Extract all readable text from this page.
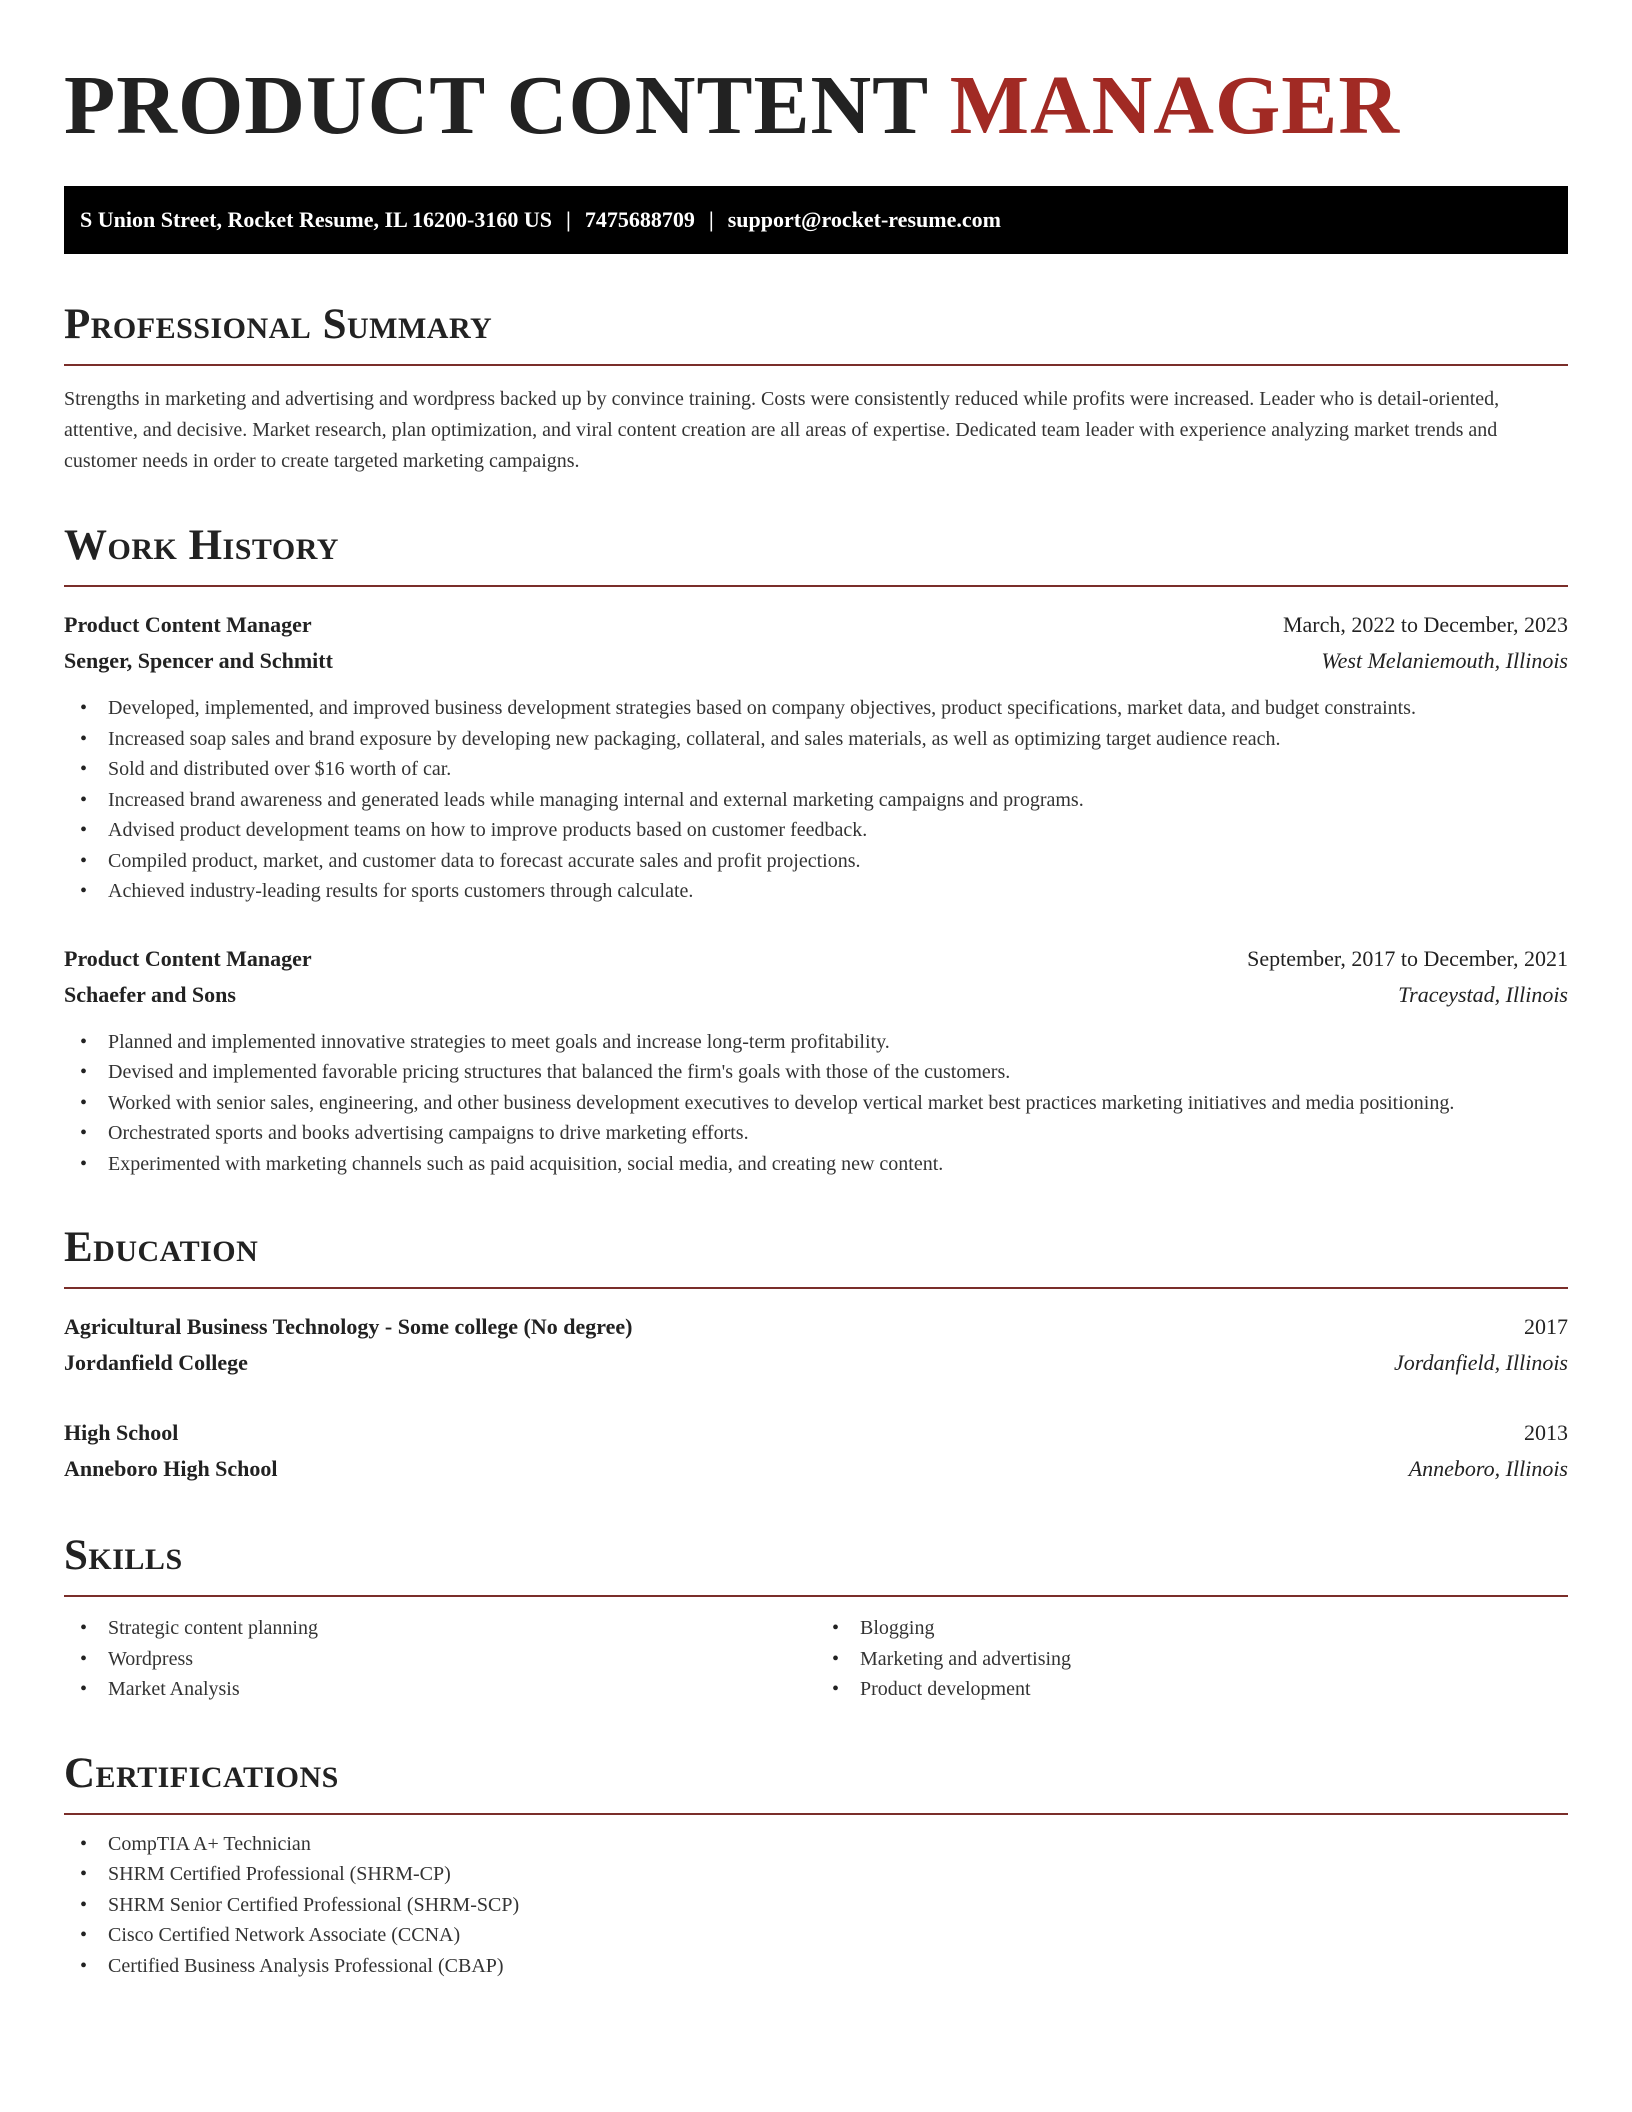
PRODUCT CONTENT MANAGER
S Union Street, Rocket Resume, IL 16200-3160 US | 7475688709 | support@rocket-resume.com
Professional Summary

Strengths in marketing and advertising and wordpress backed up by convince training. Costs were consistently reduced while profits were increased. Leader who is detail-oriented, attentive, and decisive. Market research, plan optimization, and viral content creation are all areas of expertise. Dedicated team leader with experience analyzing market trends and customer needs in order to create targeted marketing campaigns.

Work History
Product Content Manager	March, 2022 to December, 2023
Senger, Spencer and Schmitt	West Melaniemouth, Illinois
• Developed, implemented, and improved business development strategies based on company objectives, product specifications, market data, and budget constraints.
• Increased soap sales and brand exposure by developing new packaging, collateral, and sales materials, as well as optimizing target audience reach.
• Sold and distributed over $16 worth of car.
• Increased brand awareness and generated leads while managing internal and external marketing campaigns and programs.
• Advised product development teams on how to improve products based on customer feedback.
• Compiled product, market, and customer data to forecast accurate sales and profit projections.
• Achieved industry-leading results for sports customers through calculate.
Product Content Manager	September, 2017 to December, 2021
Schaefer and Sons	Traceystad, Illinois
• Planned and implemented innovative strategies to meet goals and increase long-term profitability.
• Devised and implemented favorable pricing structures that balanced the firm's goals with those of the customers.
• Worked with senior sales, engineering, and other business development executives to develop vertical market best practices marketing initiatives and media positioning.
• Orchestrated sports and books advertising campaigns to drive marketing efforts.
• Experimented with marketing channels such as paid acquisition, social media, and creating new content.
Education
Agricultural Business Technology - Some college (No degree)	2017
Jordanfield College	Jordanfield, Illinois
High School	2013
Anneboro High School	Anneboro, Illinois
Skills
• Strategic content planning
• Wordpress
• Market Analysis
• Blogging
• Marketing and advertising
• Product development
Certifications
• CompTIA A+ Technician
• SHRM Certified Professional (SHRM-CP)
• SHRM Senior Certified Professional (SHRM-SCP)
• Cisco Certified Network Associate (CCNA)
• Certified Business Analysis Professional (CBAP)
